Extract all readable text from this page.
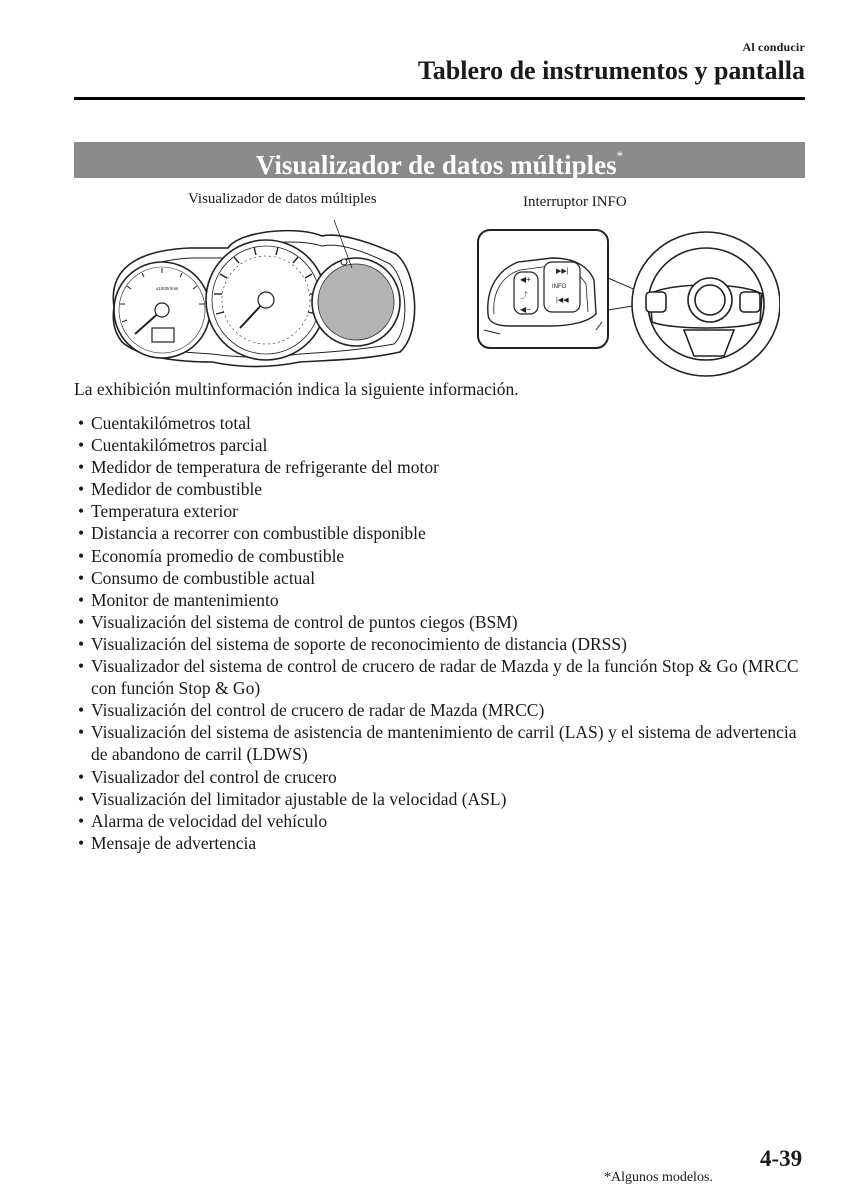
Al conducir
Tablero de instrumentos y pantalla
Visualizador de datos múltiples*
Visualizador de datos múltiples	Interruptor INFO
x1000r/min
◀+
⤴
◀−
▶▶|
INFO
|◀◀
La exhibición multinformación indica la siguiente información.
• Cuentakilómetros total
• Cuentakilómetros parcial
• Medidor de temperatura de refrigerante del motor
• Medidor de combustible
• Temperatura exterior
• Distancia a recorrer con combustible disponible
• Economía promedio de combustible
• Consumo de combustible actual
• Monitor de mantenimiento
• Visualización del sistema de control de puntos ciegos (BSM)
• Visualización del sistema de soporte de reconocimiento de distancia (DRSS)
• Visualizador del sistema de control de crucero de radar de Mazda y de la función Stop & Go (MRCC con función Stop & Go)
• Visualización del control de crucero de radar de Mazda (MRCC)
• Visualización del sistema de asistencia de mantenimiento de carril (LAS) y el sistema de advertencia de abandono de carril (LDWS)
• Visualizador del control de crucero
• Visualización del limitador ajustable de la velocidad (ASL)
• Alarma de velocidad del vehículo
• Mensaje de advertencia
*Algunos modelos.
4-39
